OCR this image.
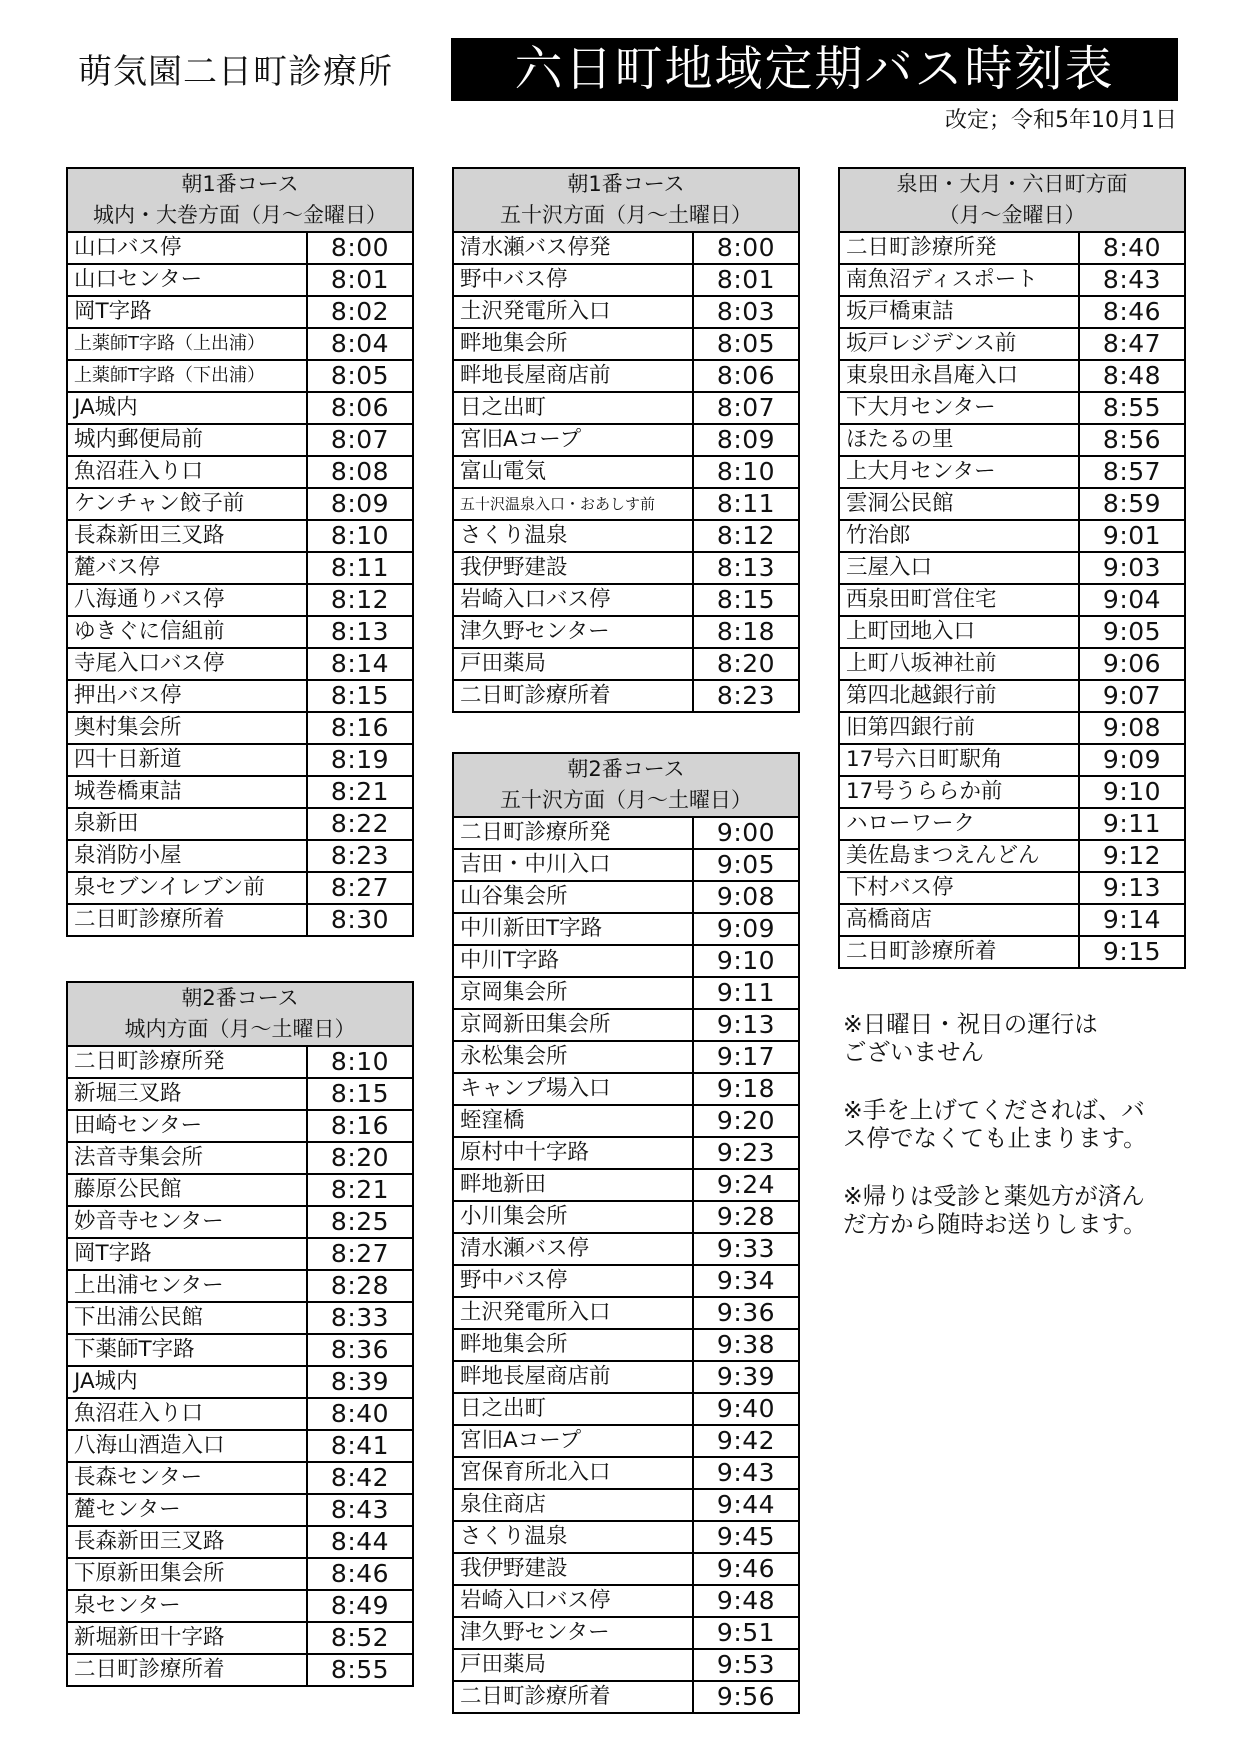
萌気園二日町診療所	六日町地域定期バス時刻表
改定；令和5年10月1日
朝1番コース
城内・大巻方面（月～金曜日）	

山口バス停	8:00
山口センター	8:01
岡T字路	8:02
上薬師T字路（上出浦）	8:04
上薬師T字路（下出浦）	8:05
JA城内	8:06
城内郵便局前	8:07
魚沼荘入り口	8:08
ケンチャン餃子前	8:09
長森新田三叉路	8:10
麓バス停	8:11
八海通りバス停	8:12
ゆきぐに信組前	8:13
寺尾入口バス停	8:14
押出バス停	8:15
奥村集会所	8:16
四十日新道	8:19
城巻橋東詰	8:21
泉新田	8:22
泉消防小屋	8:23
泉セブンイレブン前	8:27
二日町診療所着	8:30
朝2番コース
城内方面（月～土曜日）	

二日町診療所発	8:10
新堀三叉路	8:15
田崎センター	8:16
法音寺集会所	8:20
藤原公民館	8:21
妙音寺センター	8:25
岡T字路	8:27
上出浦センター	8:28
下出浦公民館	8:33
下薬師T字路	8:36
JA城内	8:39
魚沼荘入り口	8:40
八海山酒造入口	8:41
長森センター	8:42
麓センター	8:43
長森新田三叉路	8:44
下原新田集会所	8:46
泉センター	8:49
新堀新田十字路	8:52
二日町診療所着	8:55
朝1番コース
五十沢方面（月～土曜日）	

清水瀬バス停発	8:00
野中バス停	8:01
土沢発電所入口	8:03
畔地集会所	8:05
畔地長屋商店前	8:06
日之出町	8:07
宮旧Aコープ	8:09
富山電気	8:10
五十沢温泉入口・おあしす前	8:11
さくり温泉	8:12
我伊野建設	8:13
岩崎入口バス停	8:15
津久野センター	8:18
戸田薬局	8:20
二日町診療所着	8:23
朝2番コース
五十沢方面（月～土曜日）	

二日町診療所発	9:00
吉田・中川入口	9:05
山谷集会所	9:08
中川新田T字路	9:09
中川T字路	9:10
京岡集会所	9:11
京岡新田集会所	9:13
永松集会所	9:17
キャンプ場入口	9:18
蛭窪橋	9:20
原村中十字路	9:23
畔地新田	9:24
小川集会所	9:28
清水瀬バス停	9:33
野中バス停	9:34
土沢発電所入口	9:36
畔地集会所	9:38
畔地長屋商店前	9:39
日之出町	9:40
宮旧Aコープ	9:42
宮保育所北入口	9:43
泉住商店	9:44
さくり温泉	9:45
我伊野建設	9:46
岩崎入口バス停	9:48
津久野センター	9:51
戸田薬局	9:53
二日町診療所着	9:56
泉田・大月・六日町方面
（月～金曜日）	

二日町診療所発	8:40
南魚沼ディスポート	8:43
坂戸橋東詰	8:46
坂戸レジデンス前	8:47
東泉田永昌庵入口	8:48
下大月センター	8:55
ほたるの里	8:56
上大月センター	8:57
雲洞公民館	8:59
竹治郎	9:01
三屋入口	9:03
西泉田町営住宅	9:04
上町団地入口	9:05
上町八坂神社前	9:06
第四北越銀行前	9:07
旧第四銀行前	9:08
17号六日町駅角	9:09
17号うららか前	9:10
ハローワーク	9:11
美佐島まつえんどん	9:12
下村バス停	9:13
高橋商店	9:14
二日町診療所着	9:15

※日曜日・祝日の運行は
ございません

※手を上げてくだされば、バ
ス停でなくても止まります。

※帰りは受診と薬処方が済ん
だ方から随時お送りします。
